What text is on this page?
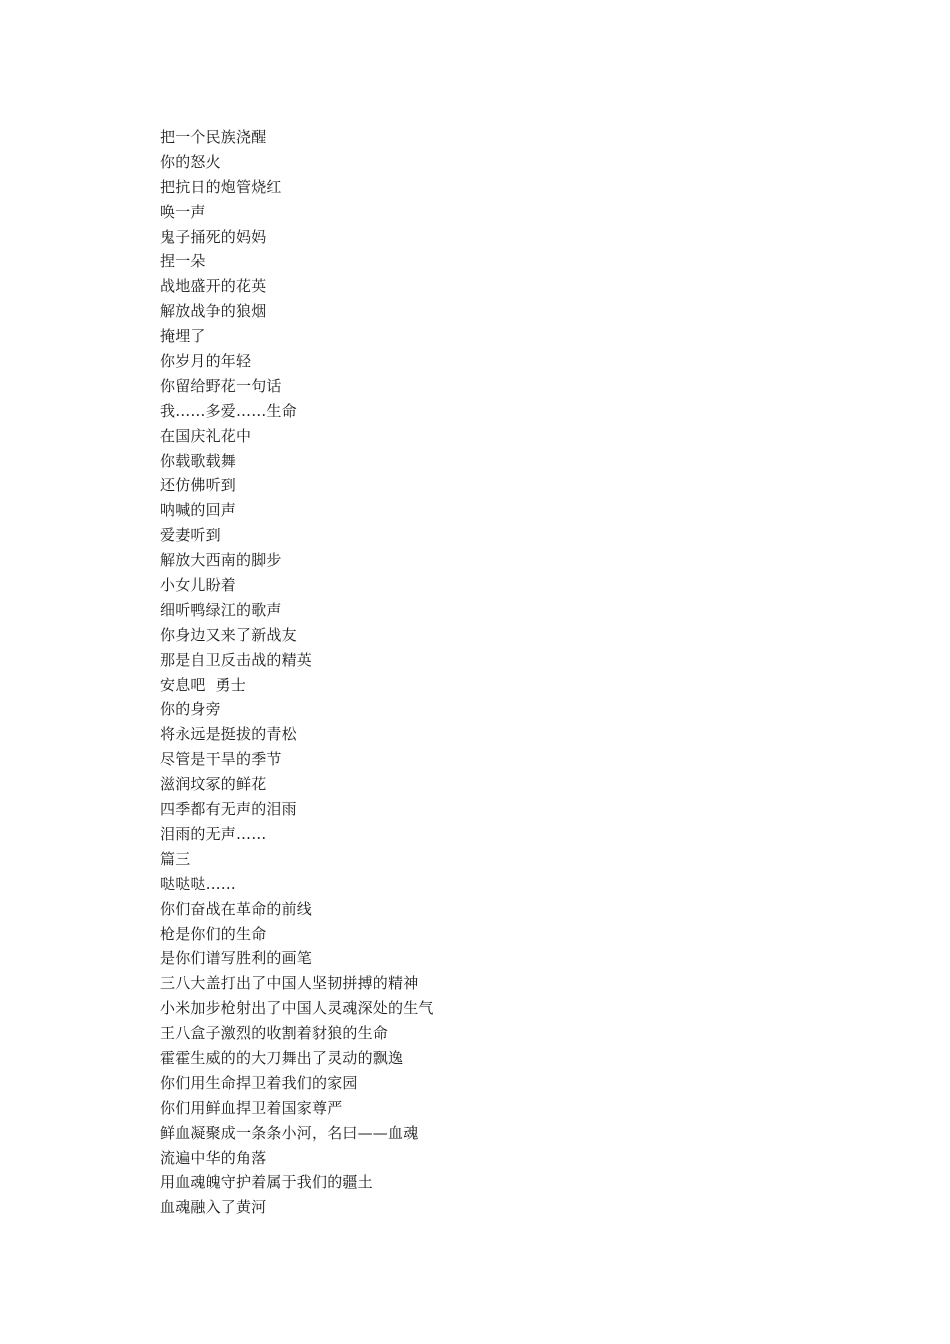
把一个民族浇醒
你的怒火
把抗日的炮管烧红
唤一声
鬼子捅死的妈妈
捏一朵
战地盛开的花英
解放战争的狼烟
掩埋了
你岁月的年轻
你留给野花一句话
我……多爱……生命
在国庆礼花中
你载歌载舞
还仿佛听到
呐喊的回声
爱妻听到
解放大西南的脚步
小女儿盼着
细听鸭绿江的歌声
你身边又来了新战友
那是自卫反击战的精英
安息吧  勇士
你的身旁
将永远是挺拔的青松
尽管是干旱的季节
滋润坟冢的鲜花
四季都有无声的泪雨
泪雨的无声……
篇三
哒哒哒……
你们奋战在革命的前线
枪是你们的生命
是你们谱写胜利的画笔
三八大盖打出了中国人坚韧拼搏的精神
小米加步枪射出了中国人灵魂深处的生气
王八盒子激烈的收割着豺狼的生命
霍霍生威的的大刀舞出了灵动的飘逸
你们用生命捍卫着我们的家园
你们用鲜血捍卫着国家尊严
鲜血凝聚成一条条小河，名曰——血魂
流遍中华的角落
用血魂魄守护着属于我们的疆土
血魂融入了黄河
